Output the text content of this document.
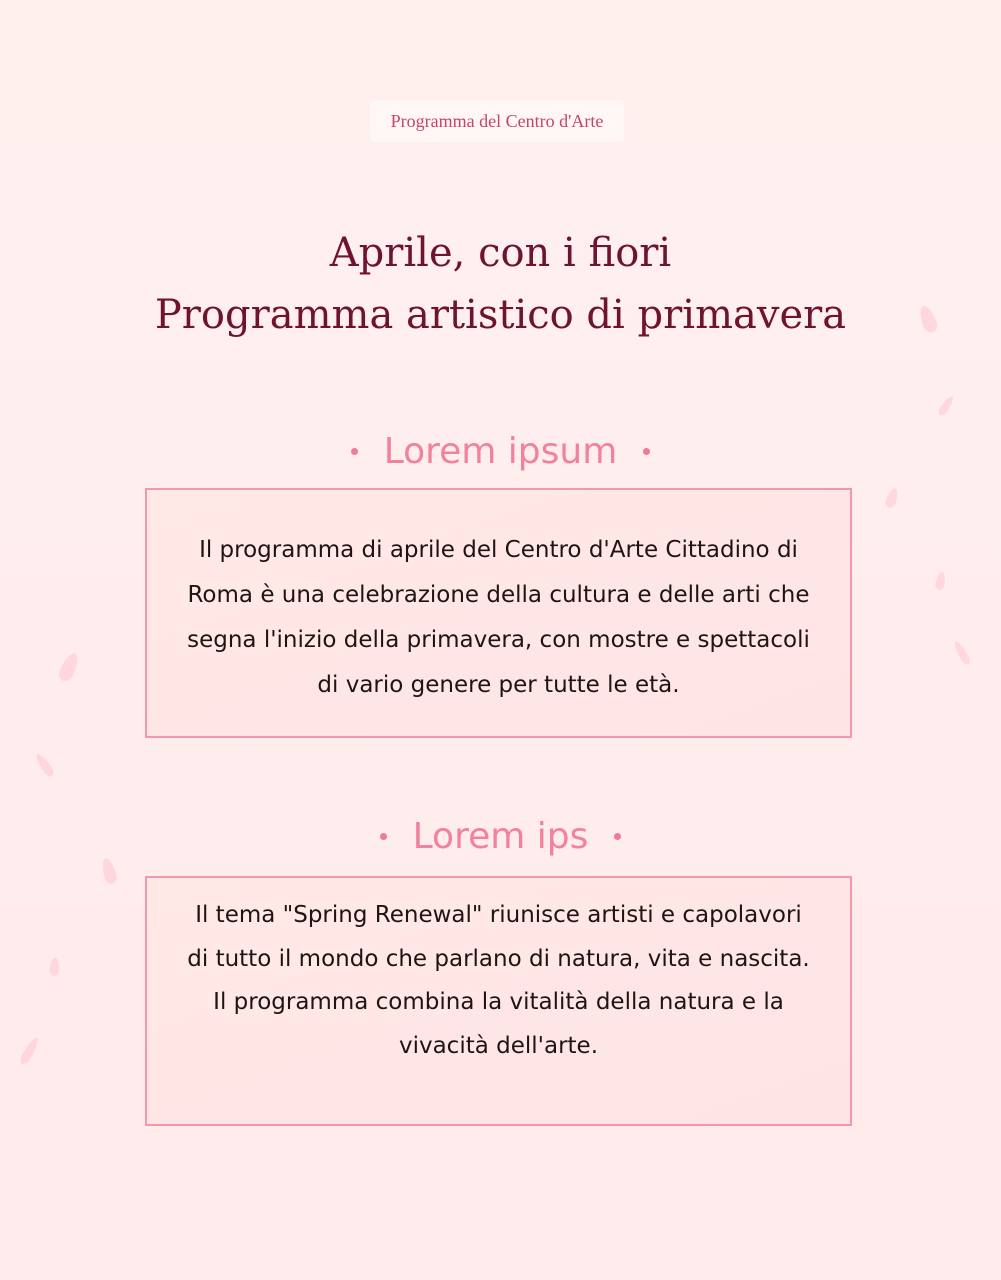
Programma del Centro d'Arte
Aprile, con i fiori
Programma artistico di primavera
Lorem ipsum

Il programma di aprile del Centro d'Arte Cittadino di Roma è una celebrazione della cultura e delle arti che segna l'inizio della primavera, con mostre e spettacoli di vario genere per tutte le età.

Lorem ips

Il tema "Spring Renewal" riunisce artisti e capolavori di tutto il mondo che parlano di natura, vita e nascita.

Il programma combina la vitalità della natura e la vivacità dell'arte.
